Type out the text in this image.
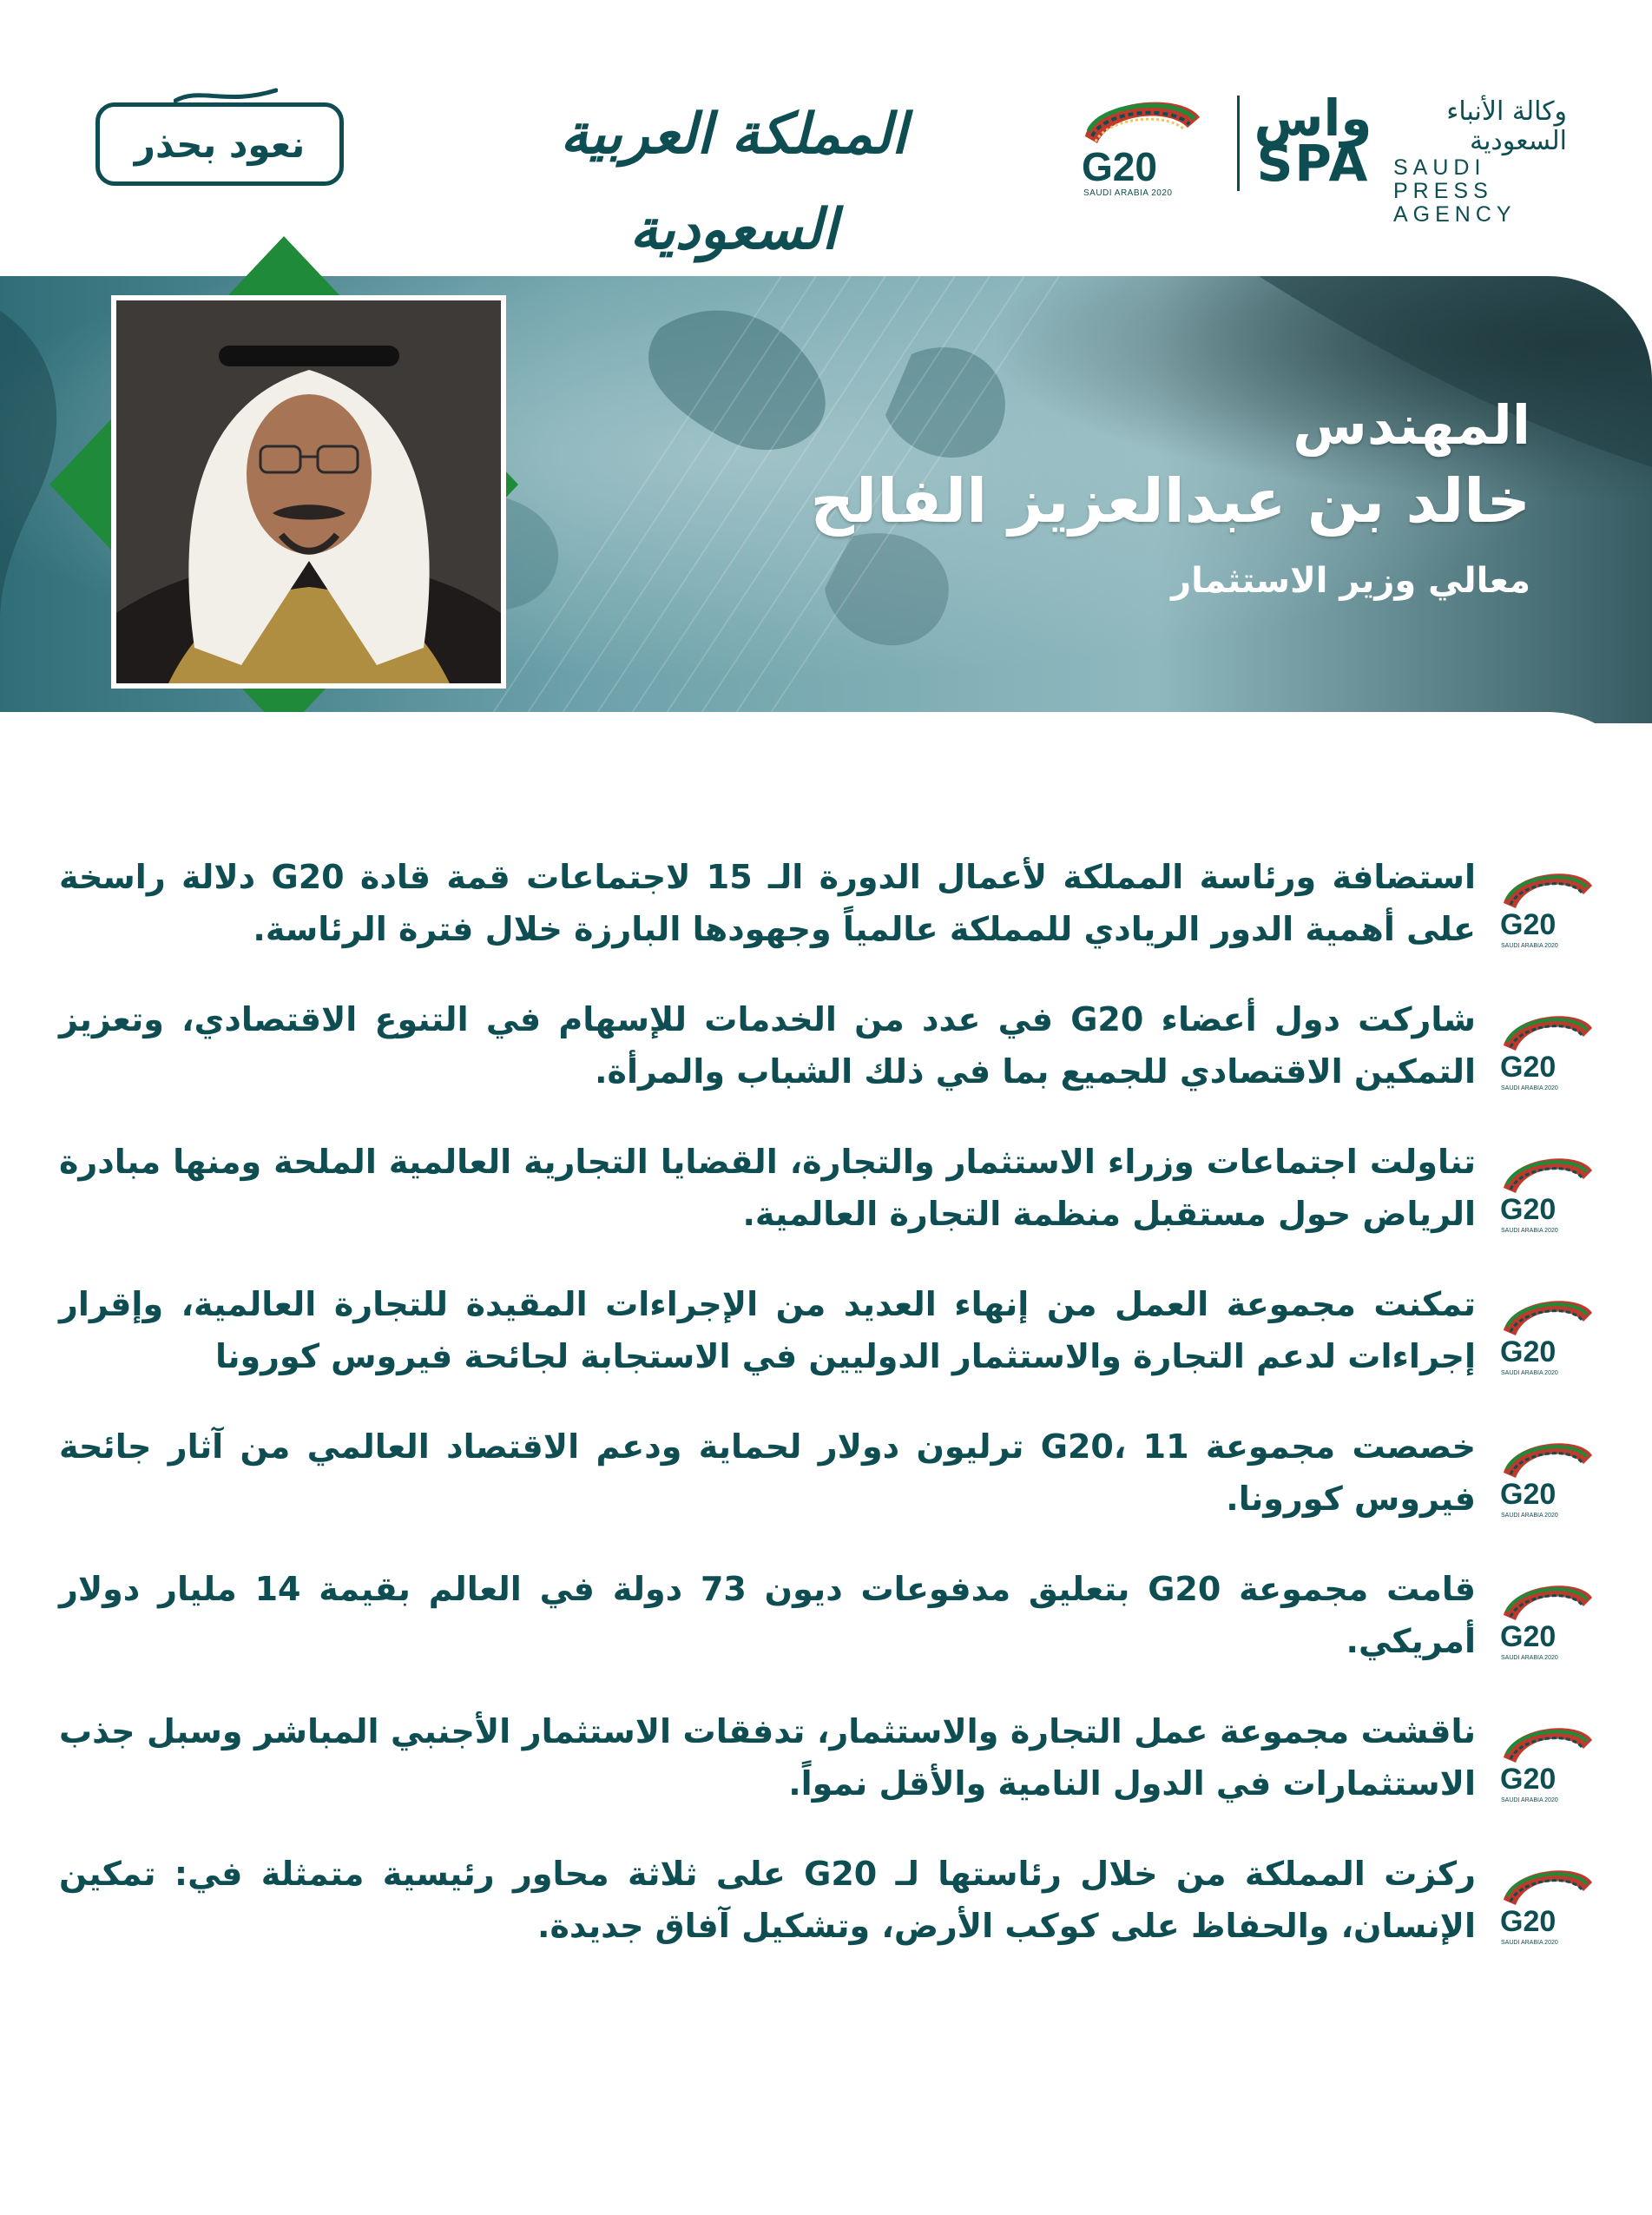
واس
SPA
وكالة الأنباء السعودية
SAUDI PRESS
AGENCY
G20
SAUDI ARABIA 2020
المملكة العربية السعودية
نعود بحذر
المهندس
خالد بن عبدالعزيز الفالح
معالي وزير الاستثمار
G20
SAUDI ARABIA 2020
استضافة ورئاسة المملكة لأعمال الدورة الـ 15 لاجتماعات قمة قادة G20 دلالة راسخة على أهمية الدور الريادي للمملكة عالمياً وجهودها البارزة خلال فترة الرئاسة.
G20
SAUDI ARABIA 2020
شاركت دول أعضاء G20 في عدد من الخدمات للإسهام في التنوع الاقتصادي، وتعزيز التمكين الاقتصادي للجميع بما في ذلك الشباب والمرأة.
G20
SAUDI ARABIA 2020
تناولت اجتماعات وزراء الاستثمار والتجارة، القضايا التجارية العالمية الملحة ومنها مبادرة الرياض حول مستقبل منظمة التجارة العالمية.
G20
SAUDI ARABIA 2020
تمكنت مجموعة العمل من إنهاء العديد من الإجراءات المقيدة للتجارة العالمية، وإقرار إجراءات لدعم التجارة والاستثمار الدوليين في الاستجابة لجائحة فيروس كورونا
G20
SAUDI ARABIA 2020
خصصت مجموعة G20، 11 ترليون دولار لحماية ودعم الاقتصاد العالمي من آثار جائحة فيروس كورونا.
G20
SAUDI ARABIA 2020
قامت مجموعة G20 بتعليق مدفوعات ديون 73 دولة في العالم بقيمة 14 مليار دولار أمريكي.
G20
SAUDI ARABIA 2020
ناقشت مجموعة عمل التجارة والاستثمار، تدفقات الاستثمار الأجنبي المباشر وسبل جذب الاستثمارات في الدول النامية والأقل نمواً.
G20
SAUDI ARABIA 2020
ركزت المملكة من خلال رئاستها لـ G20 على ثلاثة محاور رئيسية متمثلة في: تمكين الإنسان، والحفاظ على كوكب الأرض، وتشكيل آفاق جديدة.
